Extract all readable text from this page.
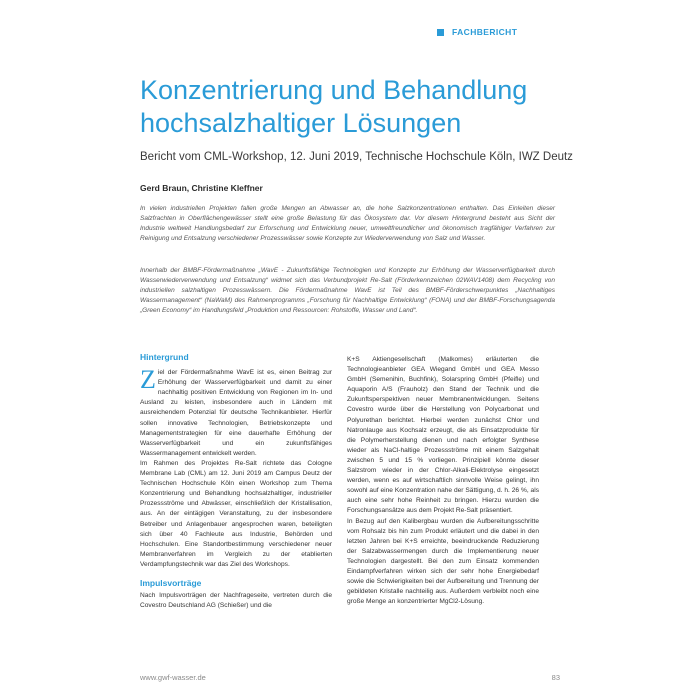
FACHBERICHT
Konzentrierung und Behandlung hochsalzhaltiger Lösungen
Bericht vom CML-Workshop, 12. Juni 2019, Technische Hochschule Köln, IWZ Deutz
Gerd Braun, Christine Kleffner

In vielen industriellen Projekten fallen große Mengen an Abwasser an, die hohe Salzkonzentrationen enthalten. Das Einleiten dieser Salzfrachten in Oberflächengewässer stellt eine große Belastung für das Ökosystem dar. Vor diesem Hintergrund besteht aus Sicht der Industrie weltweit Handlungsbedarf zur Erforschung und Entwicklung neuer, umweltfreundlicher und ökonomisch tragfähiger Verfahren zur Reinigung und Entsalzung verschiedener Prozesswässer sowie Konzepte zur Wiederverwendung von Salz und Wasser.

Innerhalb der BMBF-Fördermaßnahme „WavE - Zukunftsfähige Technologien und Konzepte zur Erhöhung der Wasserverfügbarkeit durch Wasserwiederverwendung und Entsalzung“ widmet sich das Verbundprojekt Re-Salt (Förderkennzeichen 02WAV1408) dem Recycling von industriellen salzhaltigen Prozesswässern. Die Fördermaßnahme WavE ist Teil des BMBF-Förderschwerpunktes „Nachhaltiges Wassermanagement“ (NaWaM) des Rahmenprogramms „Forschung für Nachhaltige Entwicklung“ (FONA) und der BMBF-Forschungsagenda „Green Economy“ im Handlungsfeld „Produktion und Ressourcen: Rohstoffe, Wasser und Land“.

Hintergrund

Ziel der Fördermaßnahme WavE ist es, einen Beitrag zur Erhöhung der Wasserverfügbarkeit und damit zu einer nachhaltig positiven Entwicklung von Regionen im In- und Ausland zu leisten, insbesondere auch in Ländern mit ausreichendem Potenzial für deutsche Technikanbieter. Hierfür sollen innovative Technologien, Betriebskonzepte und Managementstrategien für eine dauerhafte Erhöhung der Wasserverfügbarkeit und ein zukunftsfähiges Wassermanagement entwickelt werden.

Im Rahmen des Projektes Re-Salt richtete das Cologne Membrane Lab (CML) am 12. Juni 2019 am Campus Deutz der Technischen Hochschule Köln einen Workshop zum Thema Konzentrierung und Behandlung hochsalzhaltiger, industrieller Prozessströme und Abwässer, einschließlich der Kristallisation, aus. An der eintägigen Veranstaltung, zu der insbesondere Betreiber und Anlagenbauer angesprochen waren, beteiligten sich über 40 Fachleute aus Industrie, Behörden und Hochschulen. Eine Standortbestimmung verschiedener neuer Membranverfahren im Vergleich zu der etablierten Verdampfungstechnik war das Ziel des Workshops.

Impulsvorträge

Nach Impulsvorträgen der Nachfrageseite, vertreten durch die Covestro Deutschland AG (Schießer) und die

K+S Aktiengesellschaft (Malkomes) erläuterten die Technologieanbieter GEA Wiegand GmbH und GEA Messo GmbH (Semenihin, Buchfink), Solarspring GmbH (Pfeifle) und Aquaporin A/S (Frauholz) den Stand der Technik und die Zukunftsperspektiven neuer Membranentwicklungen. Seitens Covestro wurde über die Herstellung von Polycarbonat und Polyurethan berichtet. Hierbei werden zunächst Chlor und Natronlauge aus Kochsalz erzeugt, die als Einsatzprodukte für die Polymerherstellung dienen und nach erfolgter Synthese wieder als NaCl-haltige Prozessströme mit einem Salzgehalt zwischen 5 und 15 % vorliegen. Prinzipiell könnte dieser Salzstrom wieder in der Chlor-Alkali-Elektrolyse eingesetzt werden, wenn es auf wirtschaftlich sinnvolle Weise gelingt, ihn sowohl auf eine Konzentration nahe der Sättigung, d. h. 26 %, als auch eine sehr hohe Reinheit zu bringen. Hierzu wurden die Forschungsansätze aus dem Projekt Re-Salt präsentiert.

In Bezug auf den Kalibergbau wurden die Aufbereitungsschritte vom Rohsalz bis hin zum Produkt erläutert und die dabei in den letzten Jahren bei K+S erreichte, beeindruckende Reduzierung der Salzabwassermengen durch die Implementierung neuer Technologien dargestellt. Bei den zum Einsatz kommenden Eindampfverfahren wirken sich der sehr hohe Energiebedarf sowie die Schwierigkeiten bei der Aufbereitung und Trennung der gebildeten Kristalle nachteilig aus. Außerdem verbleibt noch eine große Menge an konzentrierter MgCl2-Lösung.

www.gwf-wasser.de	83
